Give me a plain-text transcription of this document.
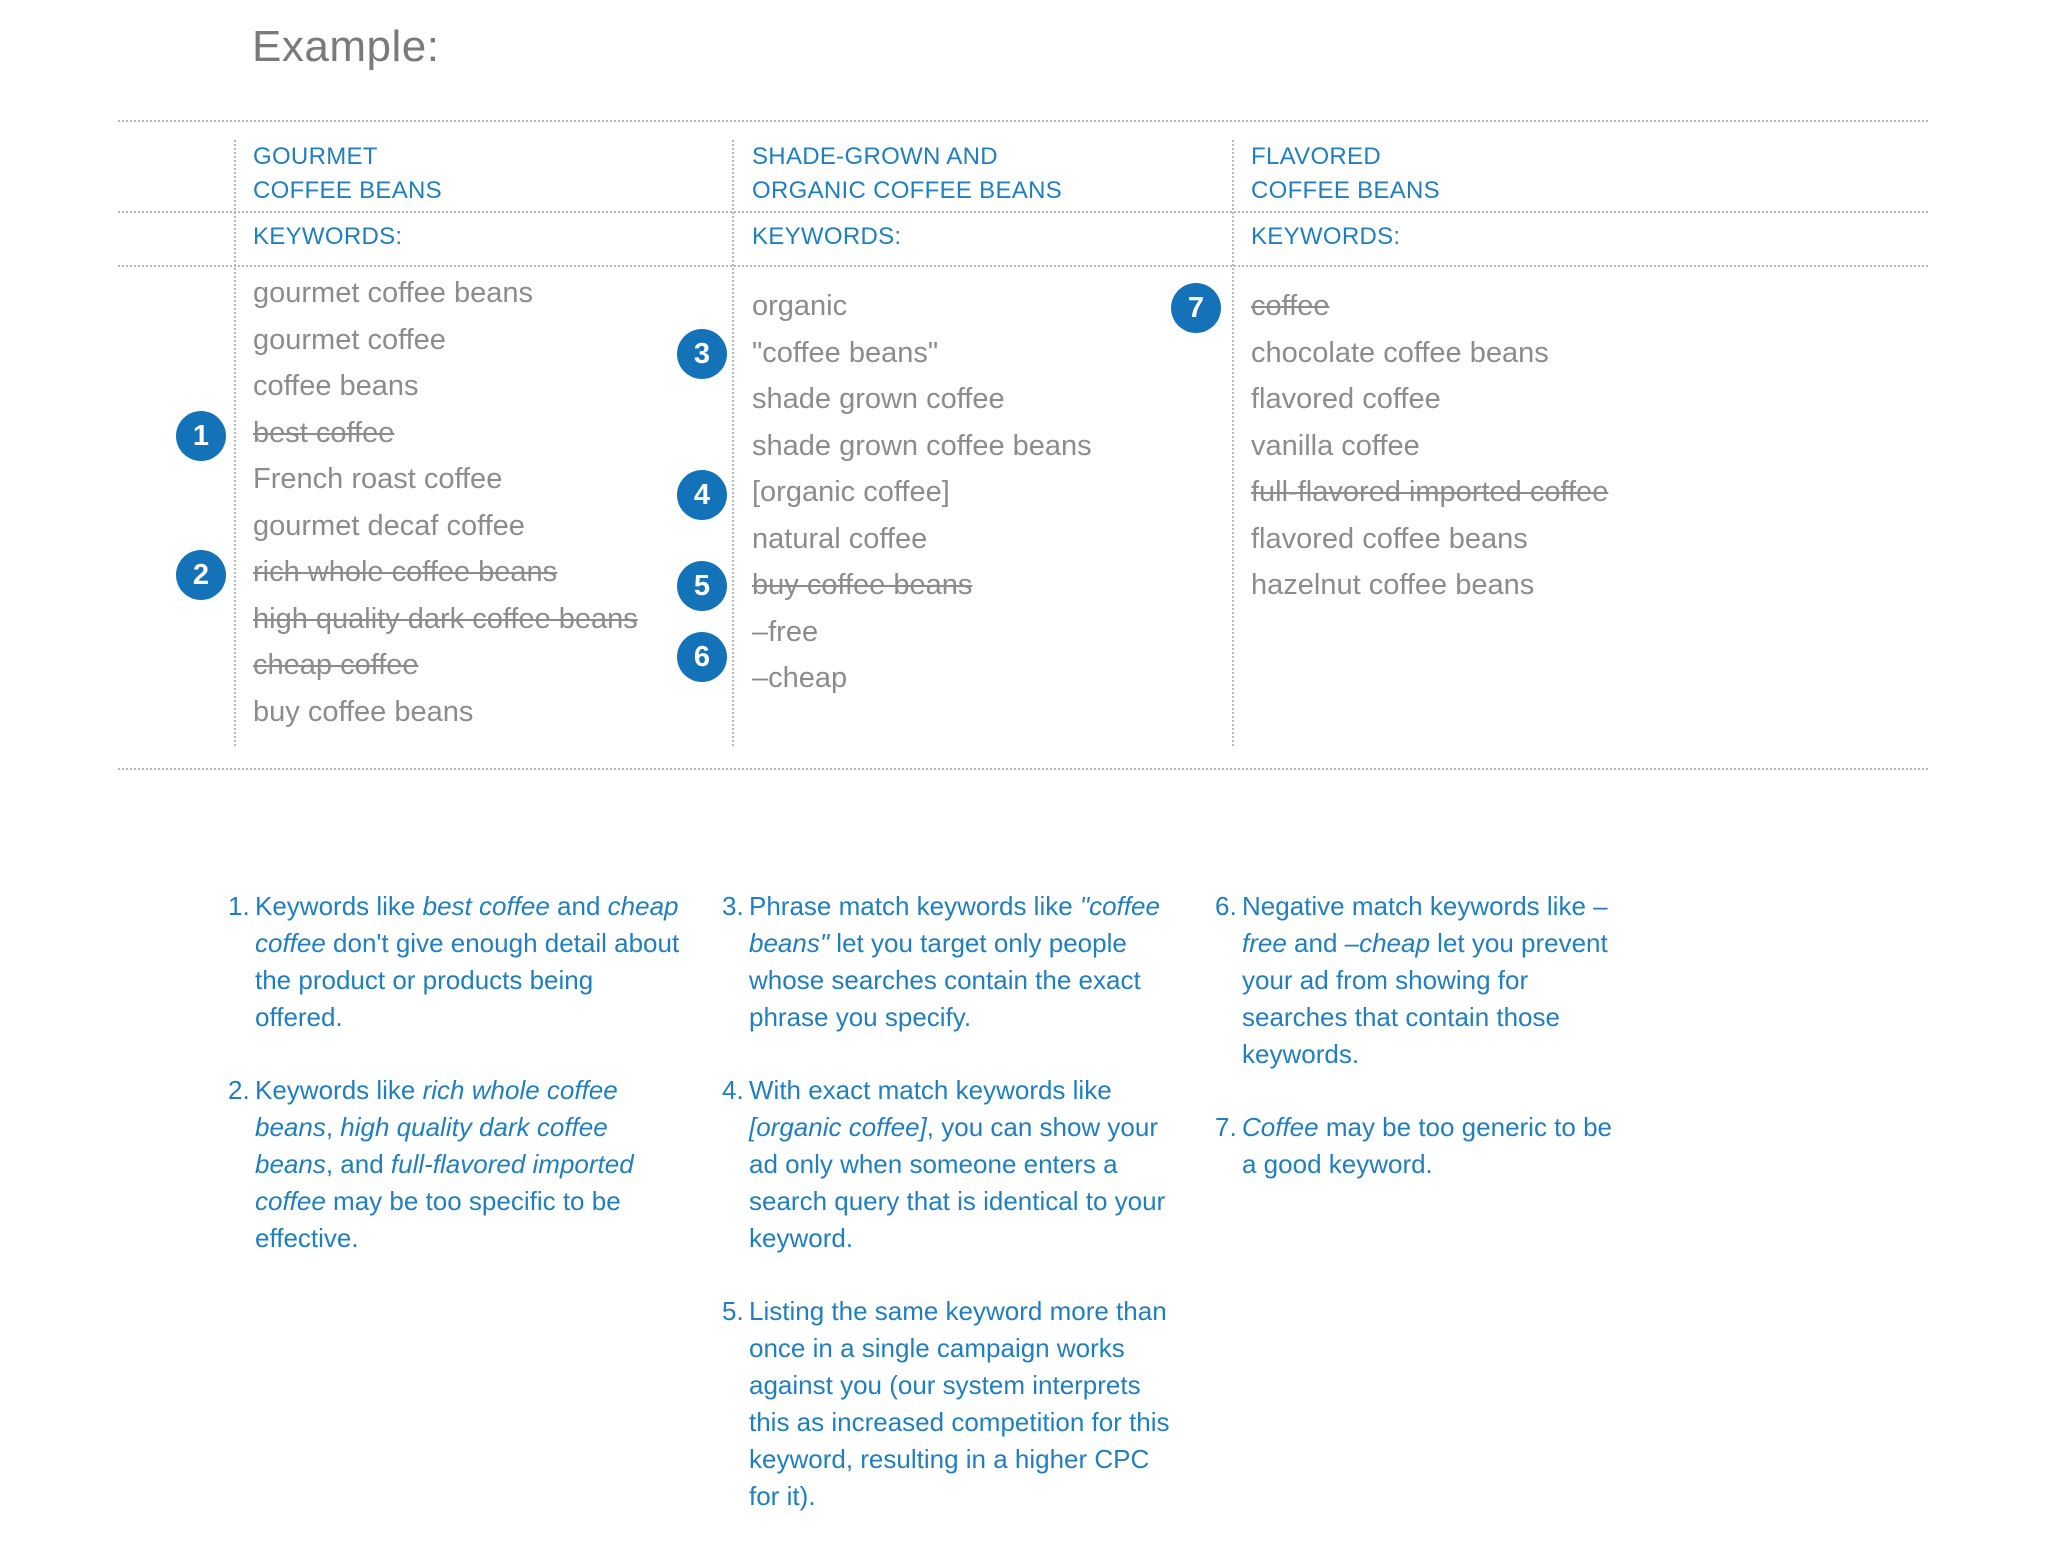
Example:
GOURMET
COFFEE BEANS
KEYWORDS:
gourmet coffee beans
gourmet coffee
coffee beans
best coffee
French roast coffee
gourmet decaf coffee
rich whole coffee beans
high quality dark coffee beans
cheap coffee
buy coffee beans
SHADE-GROWN AND
ORGANIC COFFEE BEANS
KEYWORDS:
organic
"coffee beans"
shade grown coffee
shade grown coffee beans
[organic coffee]
natural coffee
buy coffee beans
–free
–cheap
FLAVORED
COFFEE BEANS
KEYWORDS:
coffee
chocolate coffee beans
flavored coffee
vanilla coffee
full-flavored imported coffee
flavored coffee beans
hazelnut coffee beans
1
2
3
4
5
6
7
1. Keywords like best coffee and cheap coffee don't give enough detail about the product or products being offered.
2. Keywords like rich whole coffee beans, high quality dark coffee beans, and full-flavored imported coffee may be too specific to be effective.
3. Phrase match keywords like "coffee beans" let you target only people whose searches contain the exact phrase you specify.
4. With exact match keywords like [organic coffee], you can show your ad only when someone enters a search query that is identical to your keyword.
5. Listing the same keyword more than once in a single campaign works against you (our system interprets this as increased competition for this keyword, resulting in a higher CPC for it).
6. Negative match keywords like –free and –cheap let you prevent your ad from showing for searches that contain those keywords.
7. Coffee may be too generic to be a good keyword.
